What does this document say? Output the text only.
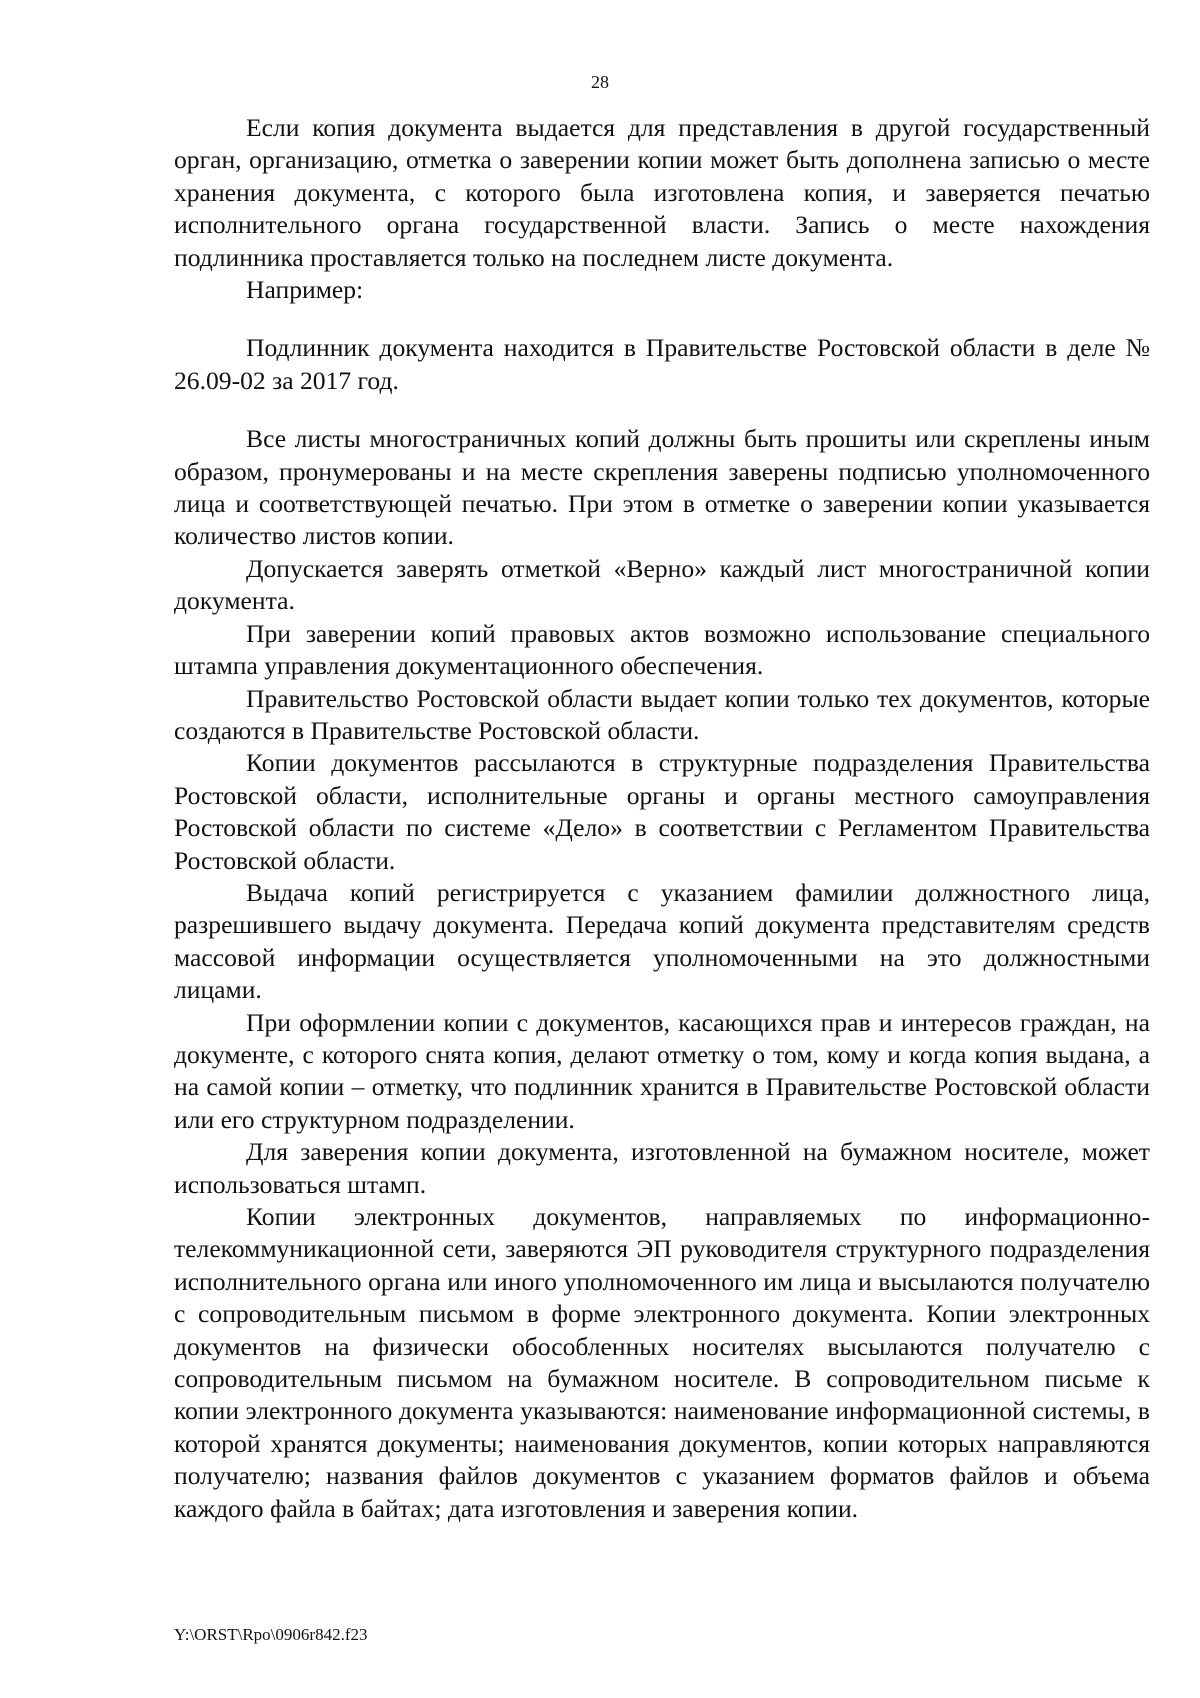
28

Если копия документа выдается для представления в другой государственный орган, организацию, отметка о заверении копии может быть дополнена записью о месте хранения документа, с которого была изготовлена копия, и заверяется печатью исполнительного органа государственной власти. Запись о месте нахождения подлинника проставляется только на последнем листе документа.

Например:

Подлинник документа находится в Правительстве Ростовской области в деле № 26.09-02 за 2017 год.

Все листы многостраничных копий должны быть прошиты или скреплены иным образом, пронумерованы и на месте скрепления заверены подписью уполномоченного лица и соответствующей печатью. При этом в отметке о заверении копии указывается количество листов копии.

Допускается заверять отметкой «Верно» каждый лист многостраничной копии документа.

При заверении копий правовых актов возможно использование специального штампа управления документационного обеспечения.

Правительство Ростовской области выдает копии только тех документов, которые создаются в Правительстве Ростовской области.

Копии документов рассылаются в структурные подразделения Правительства Ростовской области, исполнительные органы и органы местного самоуправления Ростовской области по системе «Дело» в соответствии с Регламентом Правительства Ростовской области.

Выдача копий регистрируется с указанием фамилии должностного лица, разрешившего выдачу документа. Передача копий документа представителям средств массовой информации осуществляется уполномоченными на это должностными лицами.

При оформлении копии с документов, касающихся прав и интересов граждан, на документе, с которого снята копия, делают отметку о том, кому и когда копия выдана, а на самой копии – отметку, что подлинник хранится в Правительстве Ростовской области или его структурном подразделении.

Для заверения копии документа, изготовленной на бумажном носителе, может использоваться штамп.

Копии электронных документов, направляемых по информационно-телекоммуникационной сети, заверяются ЭП руководителя структурного подразделения исполнительного органа или иного уполномоченного им лица и высылаются получателю с сопроводительным письмом в форме электронного документа. Копии электронных документов на физически обособленных носителях высылаются получателю с сопроводительным письмом на бумажном носителе. В сопроводительном письме к копии электронного документа указываются: наименование информационной системы, в которой хранятся документы; наименования документов, копии которых направляются получателю; названия файлов документов с указанием форматов файлов и объема каждого файла в байтах; дата изготовления и заверения копии.

Y:\ORST\Rpo\0906r842.f23
